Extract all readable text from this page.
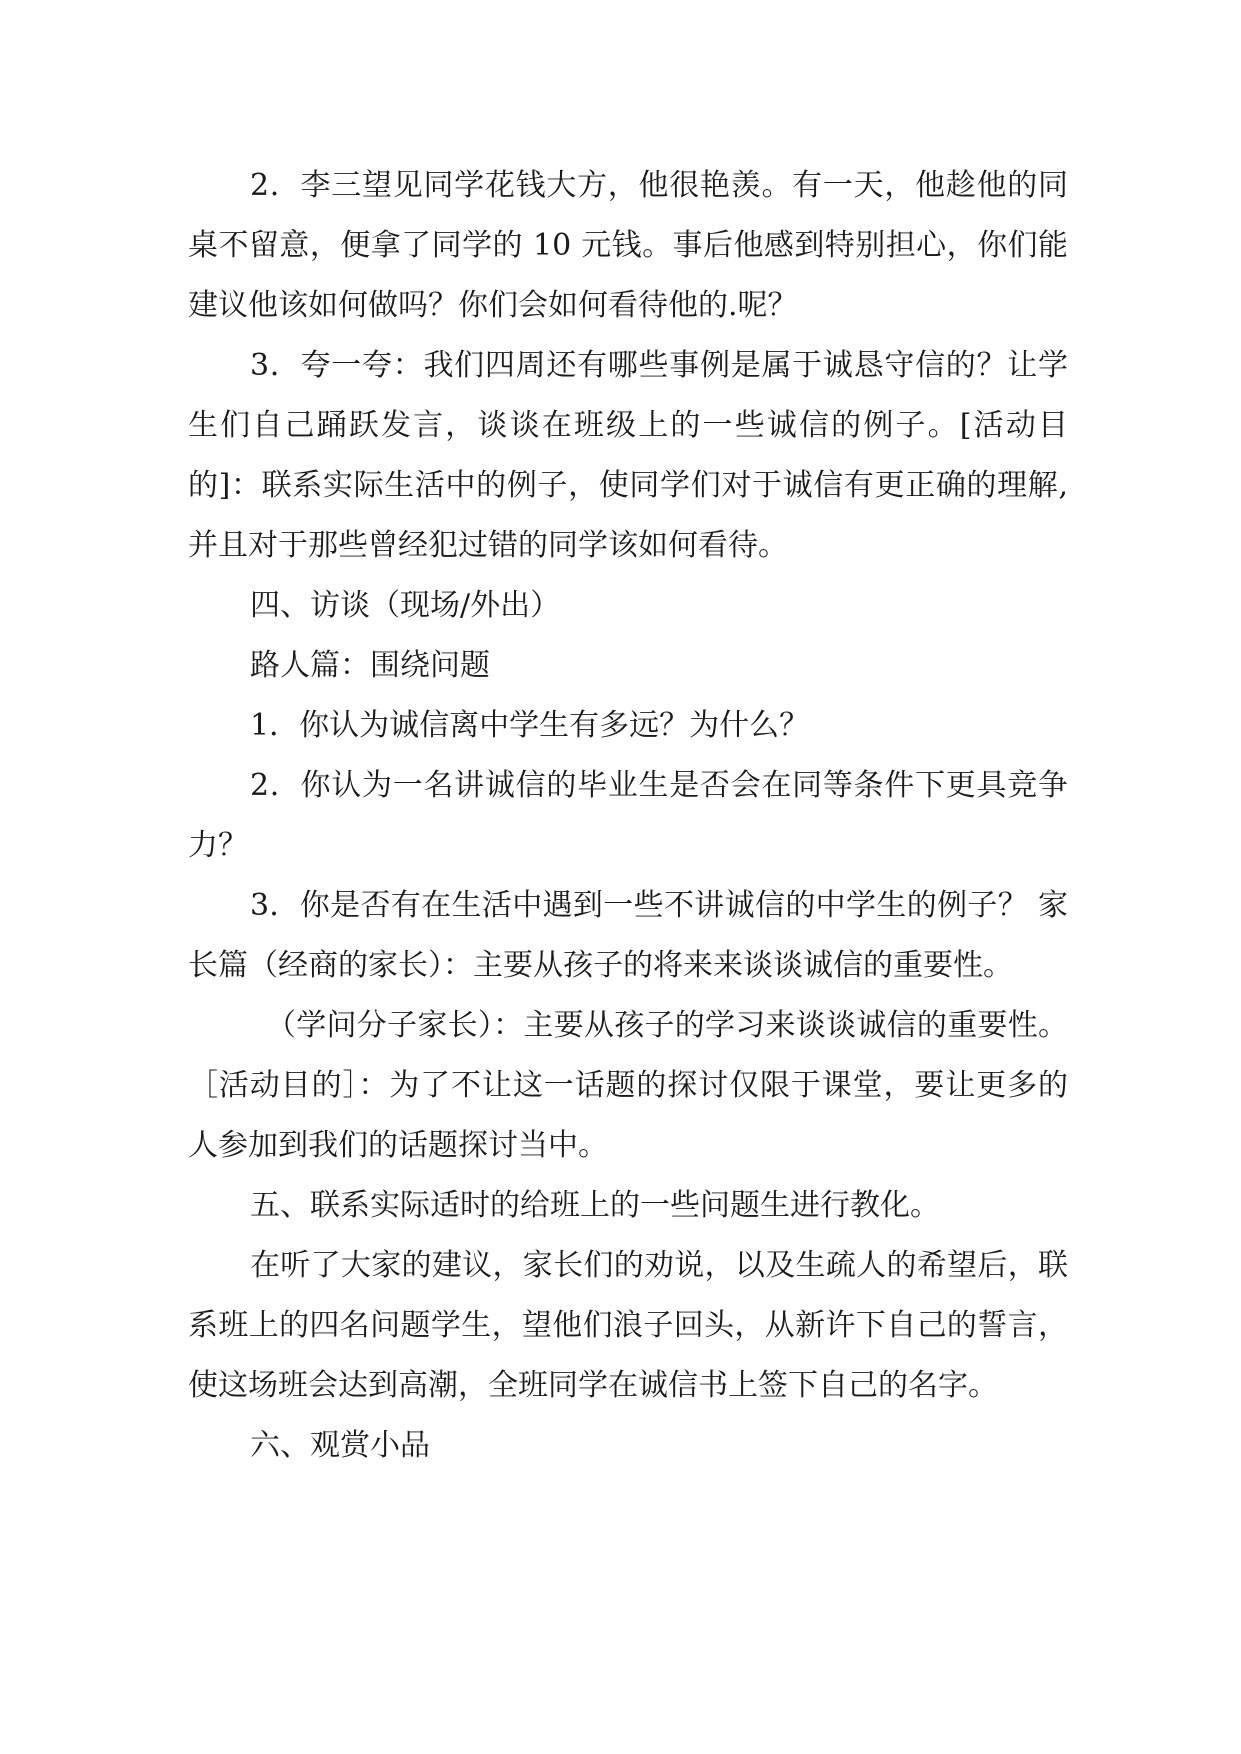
2．李三望见同学花钱大方，他很艳羡。有一天，他趁他的同桌不留意，便拿了同学的 10 元钱。事后他感到特别担心，你们能建议他该如何做吗？你们会如何看待他的.呢？

3．夸一夸：我们四周还有哪些事例是属于诚恳守信的？让学生们自己踊跃发言，谈谈在班级上的一些诚信的例子。[活动目的]：联系实际生活中的例子，使同学们对于诚信有更正确的理解,并且对于那些曾经犯过错的同学该如何看待。

四、访谈（现场/外出）

路人篇：围绕问题

1．你认为诚信离中学生有多远？为什么？

2．你认为一名讲诚信的毕业生是否会在同等条件下更具竞争力？

3．你是否有在生活中遇到一些不讲诚信的中学生的例子？ 家长篇（经商的家长）：主要从孩子的将来来谈谈诚信的重要性。

（学问分子家长）：主要从孩子的学习来谈谈诚信的重要性。［活动目的］：为了不让这一话题的探讨仅限于课堂，要让更多的人参加到我们的话题探讨当中。

五、联系实际适时的给班上的一些问题生进行教化。

在听了大家的建议，家长们的劝说，以及生疏人的希望后，联系班上的四名问题学生，望他们浪子回头，从新许下自己的誓言，使这场班会达到高潮，全班同学在诚信书上签下自己的名字。

六、观赏小品
